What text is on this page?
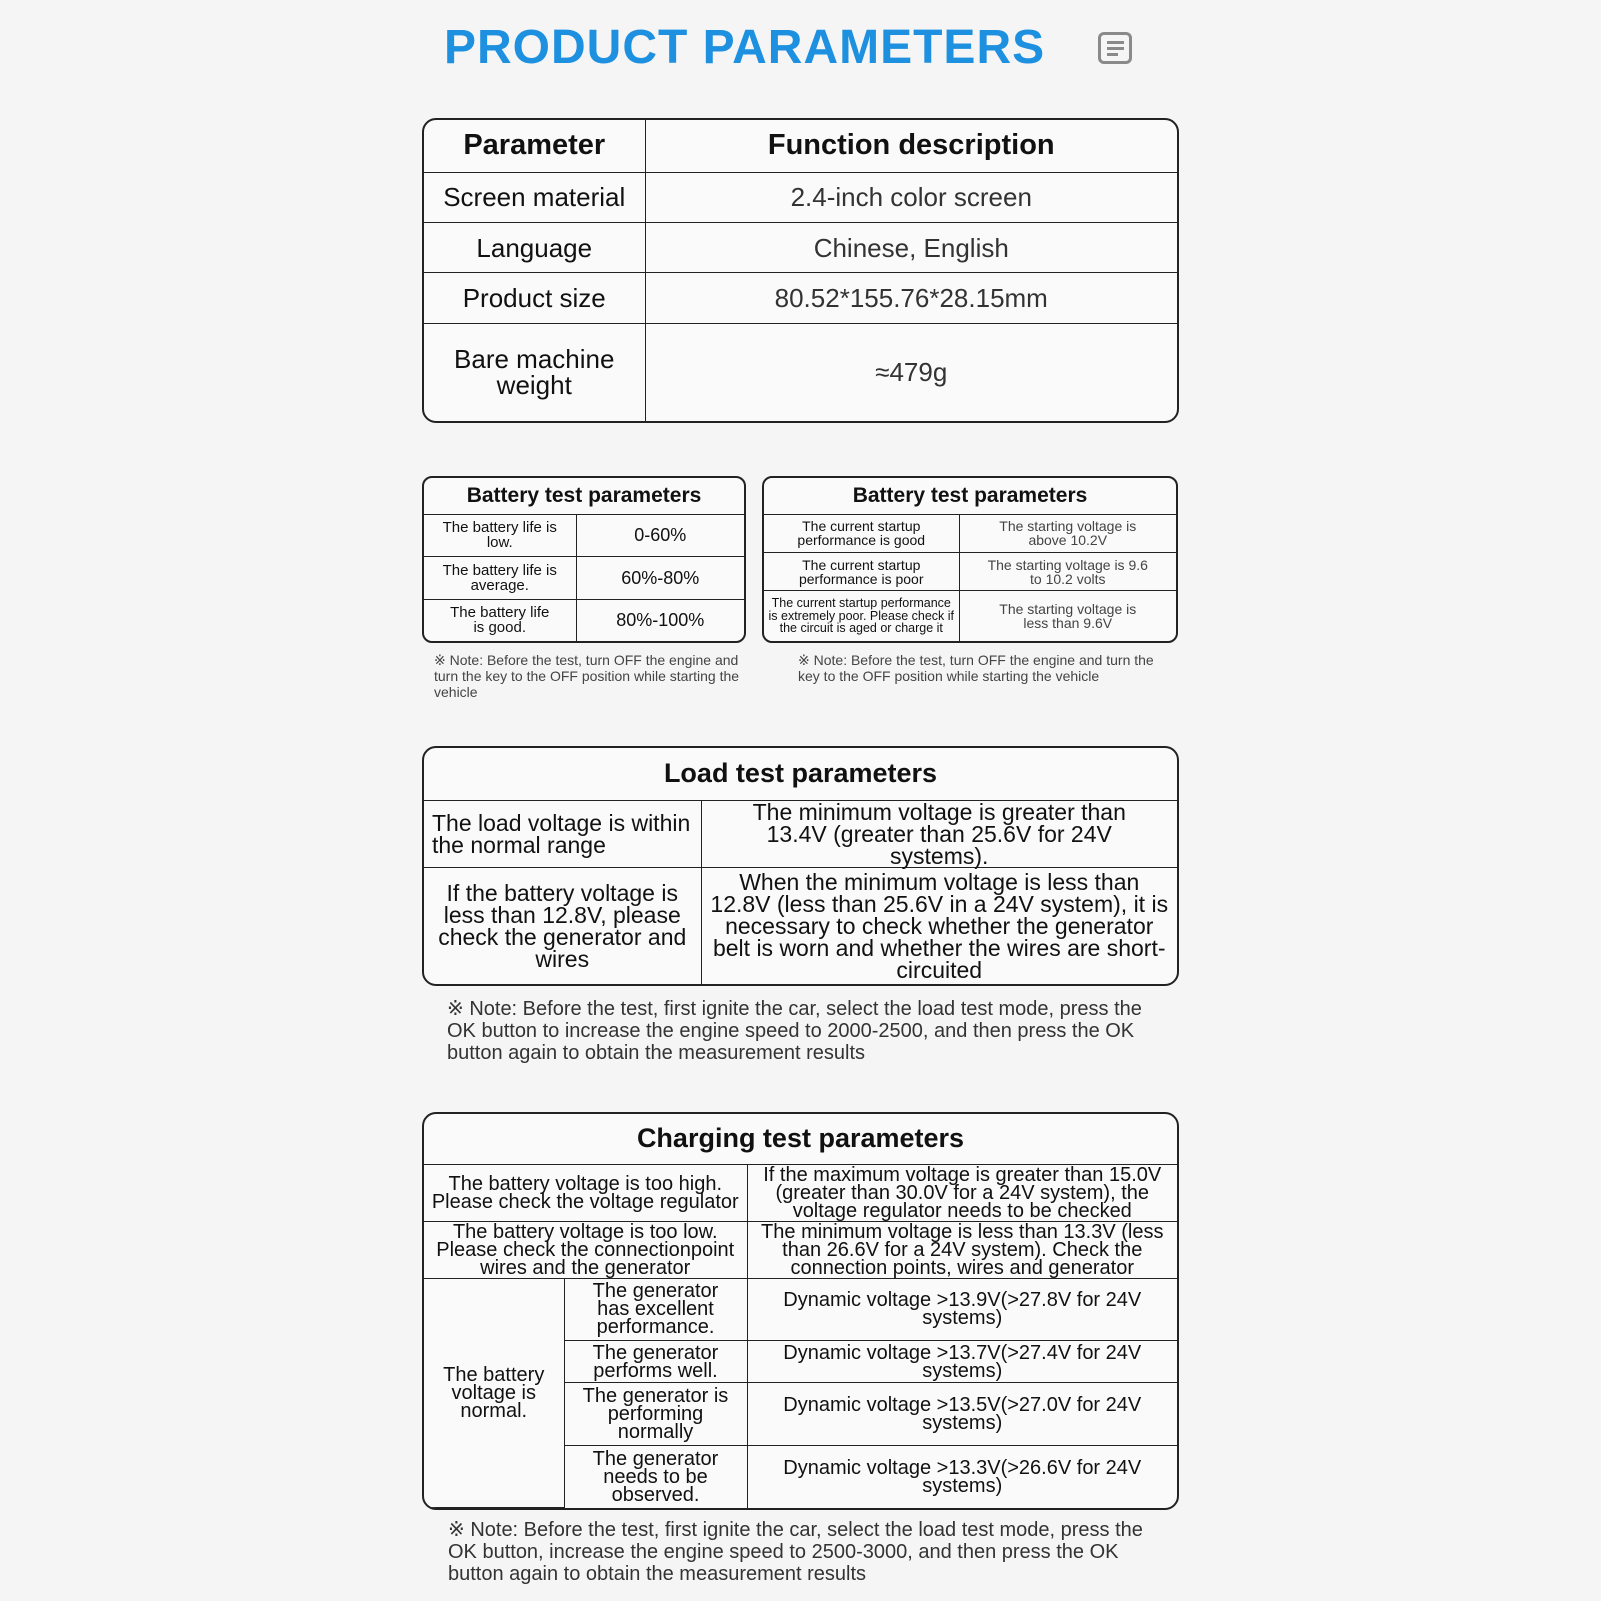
PRODUCT PARAMETERS
Parameter	Function description
Screen material	2.4-inch color screen
Language	Chinese, English
Product size	80.52*155.76*28.15mm
Bare machine weight	≈479g
Battery test parameters	
The battery life is low.	0-60%
The battery life is average.	60%-80%
The battery life is good.	80%-100%
※ Note: Before the test, turn OFF the engine and turn the key to the OFF position while starting the vehicle
Battery test parameters	
The current startup performance is good	The starting voltage is above 10.2V
The current startup performance is poor	The starting voltage is 9.6 to 10.2 volts
The current startup performance is extremely poor. Please check if the circuit is aged or charge it	The starting voltage is less than 9.6V
※ Note: Before the test, turn OFF the engine and turn the key to the OFF position while starting the vehicle
Load test parameters	
The load voltage is within the normal range	The minimum voltage is greater than 13.4V (greater than 25.6V for 24V systems).
If the battery voltage is less than 12.8V, please check the generator and wires	When the minimum voltage is less than 12.8V (less than 25.6V in a 24V system), it is necessary to check whether the generator belt is worn and whether the wires are short-circuited
※ Note: Before the test, first ignite the car, select the load test mode, press the OK button to increase the engine speed to 2000-2500, and then press the OK button again to obtain the measurement results
Charging test parameters		
The battery voltage is too high. Please check the voltage regulator		If the maximum voltage is greater than 15.0V (greater than 30.0V for a 24V system), the voltage regulator needs to be checked
The battery voltage is too low. Please check the connectionpoint wires and the generator		The minimum voltage is less than 13.3V (less than 26.6V for a 24V system). Check the connection points, wires and generator
The battery voltage is normal.	The generator has excellent performance.	Dynamic voltage >13.9V(>27.8V for 24V systems)
	The generator performs well.	Dynamic voltage >13.7V(>27.4V for 24V systems)
	The generator is performing normally	Dynamic voltage >13.5V(>27.0V for 24V systems)
	The generator needs to be observed.	Dynamic voltage >13.3V(>26.6V for 24V systems)
※ Note: Before the test, first ignite the car, select the load test mode, press the OK button, increase the engine speed to 2500-3000, and then press the OK button again to obtain the measurement results
